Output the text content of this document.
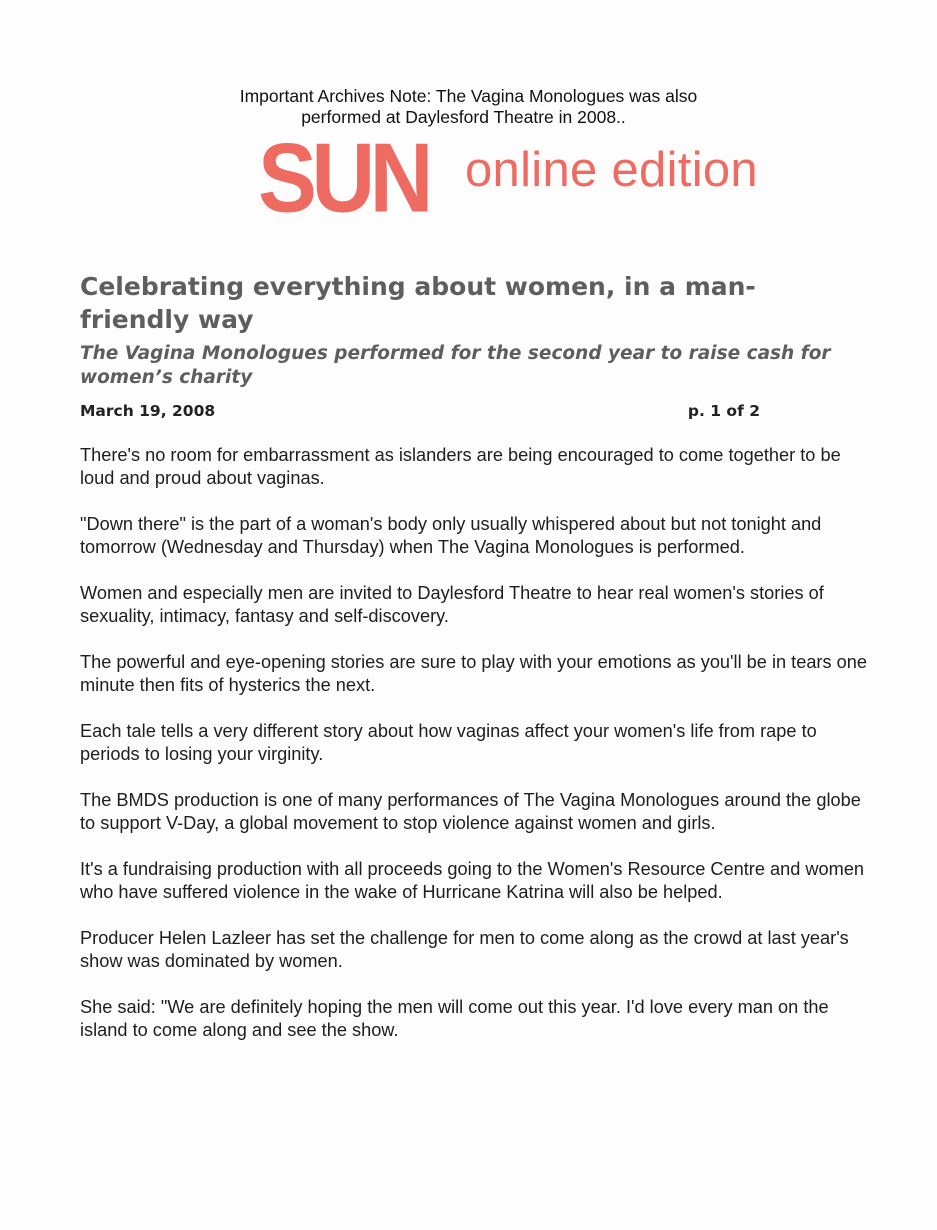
Important Archives Note: The Vagina Monologues was also
performed at Daylesford Theatre in 2008..
SUN online edition
Celebrating everything about women, in a man-friendly way
The Vagina Monologues performed for the second year to raise cash for women’s charity
March 19, 2008	p. 1 of 2

There's no room for embarrassment as islanders are being encouraged to come together to be loud and proud about vaginas.

"Down there" is the part of a woman's body only usually whispered about but not tonight and tomorrow (Wednesday and Thursday) when The Vagina Monologues is performed.

Women and especially men are invited to Daylesford Theatre to hear real women's stories of sexuality, intimacy, fantasy and self-discovery.

The powerful and eye-opening stories are sure to play with your emotions as you'll be in tears one minute then fits of hysterics the next.

Each tale tells a very different story about how vaginas affect your women's life from rape to periods to losing your virginity.

The BMDS production is one of many performances of The Vagina Monologues around the globe to support V-Day, a global movement to stop violence against women and girls.

It's a fundraising production with all proceeds going to the Women's Resource Centre and women who have suffered violence in the wake of Hurricane Katrina will also be helped.

Producer Helen Lazleer has set the challenge for men to come along as the crowd at last year's show was dominated by women.

She said: "We are definitely hoping the men will come out this year. I'd love every man on the island to come along and see the show.
